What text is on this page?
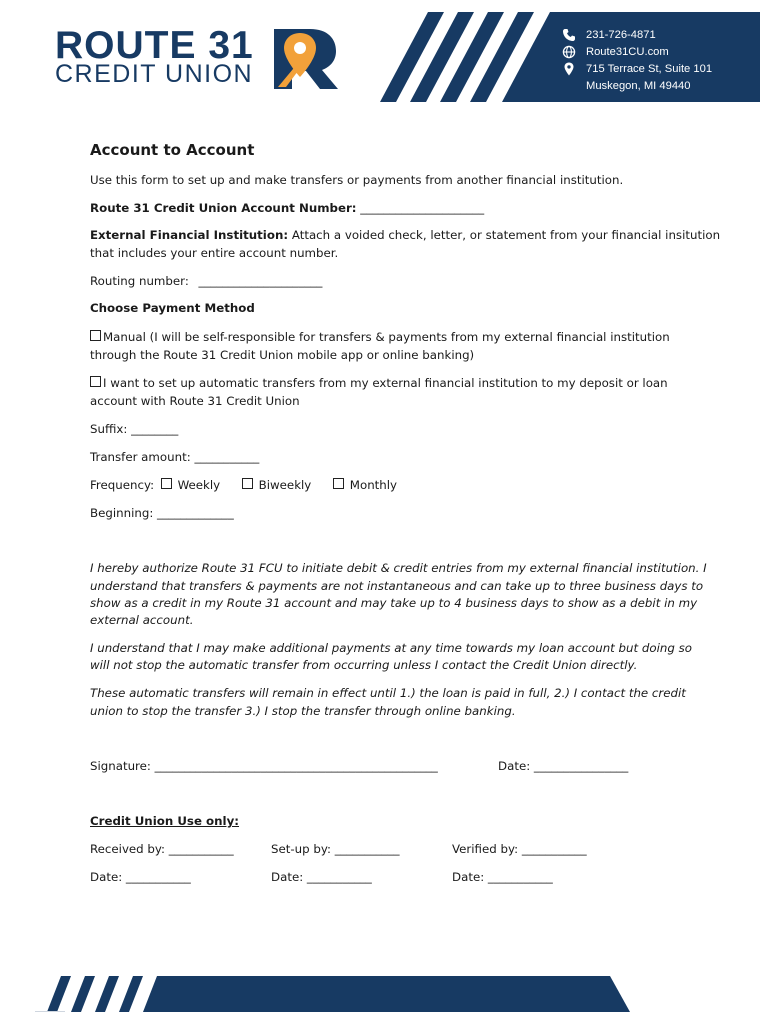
ROUTE 31
CREDIT UNION
231-726-4871
Route31CU.com
715 Terrace St, Suite 101
Muskegon, MI 49440
Account to Account
Use this form to set up and make transfers or payments from another financial institution.
Route 31 Credit Union Account Number: _____________________
External Financial Institution: Attach a voided check, letter, or statement from your financial insitution
that includes your entire account number.
Routing number: _____________________
Choose Payment Method
Manual (I will be self-responsible for transfers & payments from my external financial institution
through the Route 31 Credit Union mobile app or online banking)
I want to set up automatic transfers from my external financial institution to my deposit or loan
account with Route 31 Credit Union
Suffix: ________
Transfer amount: ___________
Frequency: Weekly	Biweekly	Monthly
Beginning: _____________
I hereby authorize Route 31 FCU to initiate debit & credit entries from my external financial institution. I
understand that transfers & payments are not instantaneous and can take up to three business days to
show as a credit in my Route 31 account and may take up to 4 business days to show as a debit in my
external account.
I understand that I may make additional payments at any time towards my loan account but doing so
will not stop the automatic transfer from occurring unless I contact the Credit Union directly.
These automatic transfers will remain in effect until 1.) the loan is paid in full, 2.) I contact the credit
union to stop the transfer 3.) I stop the transfer through online banking.
Signature: ________________________________________________	Date: ________________
Credit Union Use only:
Received by: ___________	Set-up by: ___________	Verified by: ___________
Date: ___________	Date: ___________	Date: ___________
